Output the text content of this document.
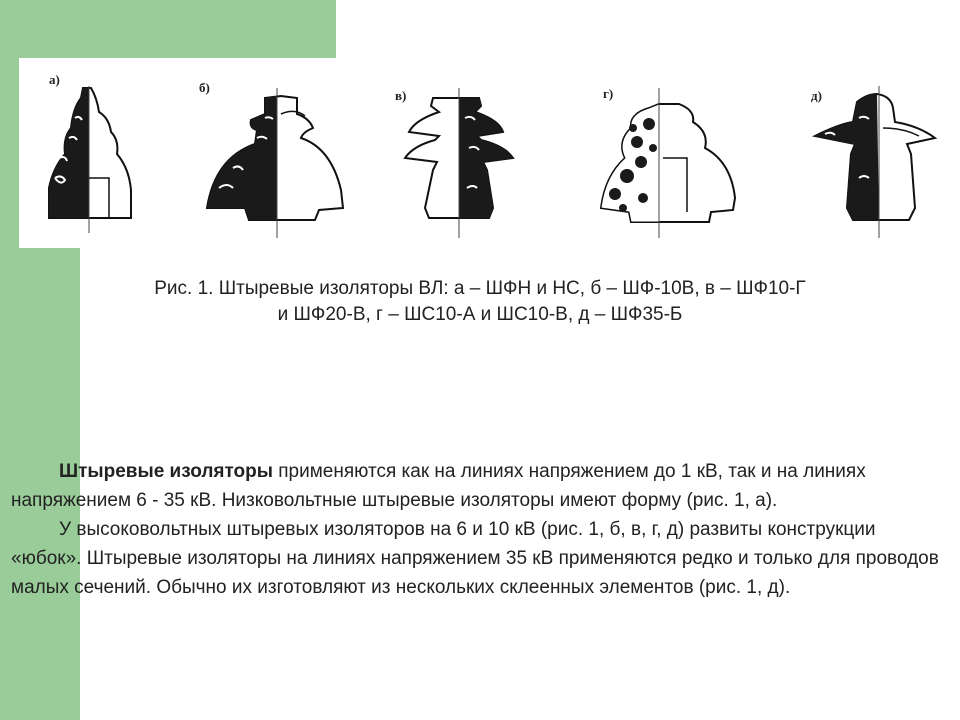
а)
б)
в)	г)	д)
Рис. 1. Штыревые изоляторы ВЛ: а – ШФН и НС, б – ШФ-10В, в – ШФ10-Г
и ШФ20-В, г – ШС10-А и ШС10-В, д – ШФ35-Б

Штыревые изоляторы применяются как на линиях напряжением до 1 кВ, так и на линиях напряжением 6 - 35 кВ. Низковольтные штыревые изоляторы имеют форму (рис. 1, а).

У высоковольтных штыревых изоляторов на 6 и 10 кВ (рис. 1, б, в, г, д) развиты конструкции «юбок». Штыревые изоляторы на линиях напряжением 35 кВ применяются редко и только для проводов малых сечений. Обычно их изготовляют из нескольких склеенных элементов (рис. 1, д).
